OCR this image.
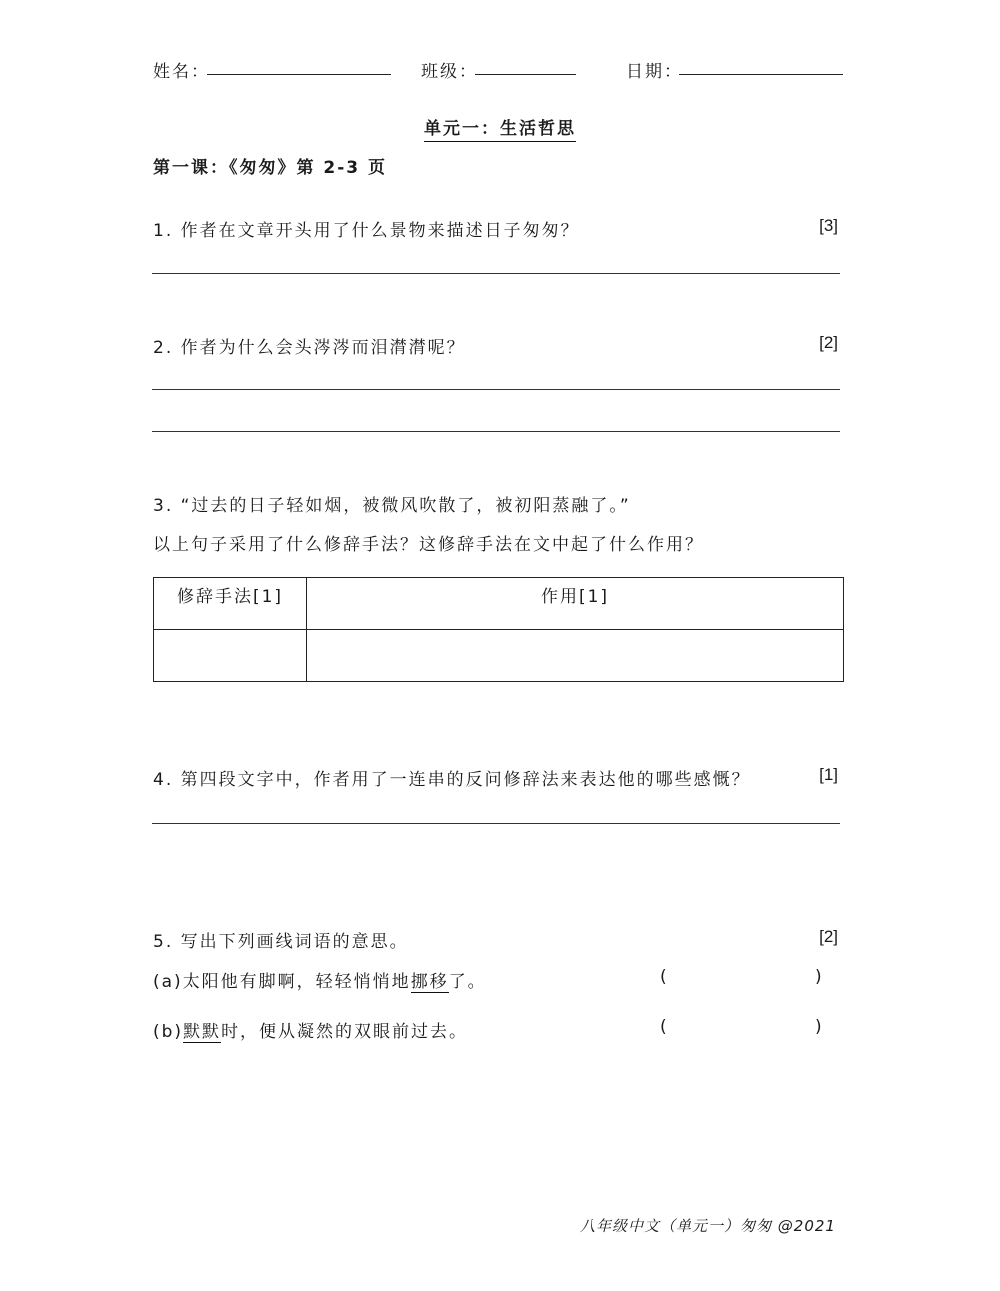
姓名：	班级：	日期：
单元一：生活哲思
第一课：《匆匆》第 2-3 页
1. 作者在文章开头用了什么景物来描述日子匆匆？	[3]
2. 作者为什么会头涔涔而泪潸潸呢？	[2]
3. “过去的日子轻如烟，被微风吹散了，被初阳蒸融了。”
以上句子采用了什么修辞手法？这修辞手法在文中起了什么作用？
修辞手法[1]	作用[1]

4. 第四段文字中，作者用了一连串的反问修辞法来表达他的哪些感慨？	[1]
5. 写出下列画线词语的意思。	[2]
(a)太阳他有脚啊，轻轻悄悄地挪移了。	(	)
(b)默默时，便从凝然的双眼前过去。	(	)
八年级中文（单元一）匆匆 @2021
